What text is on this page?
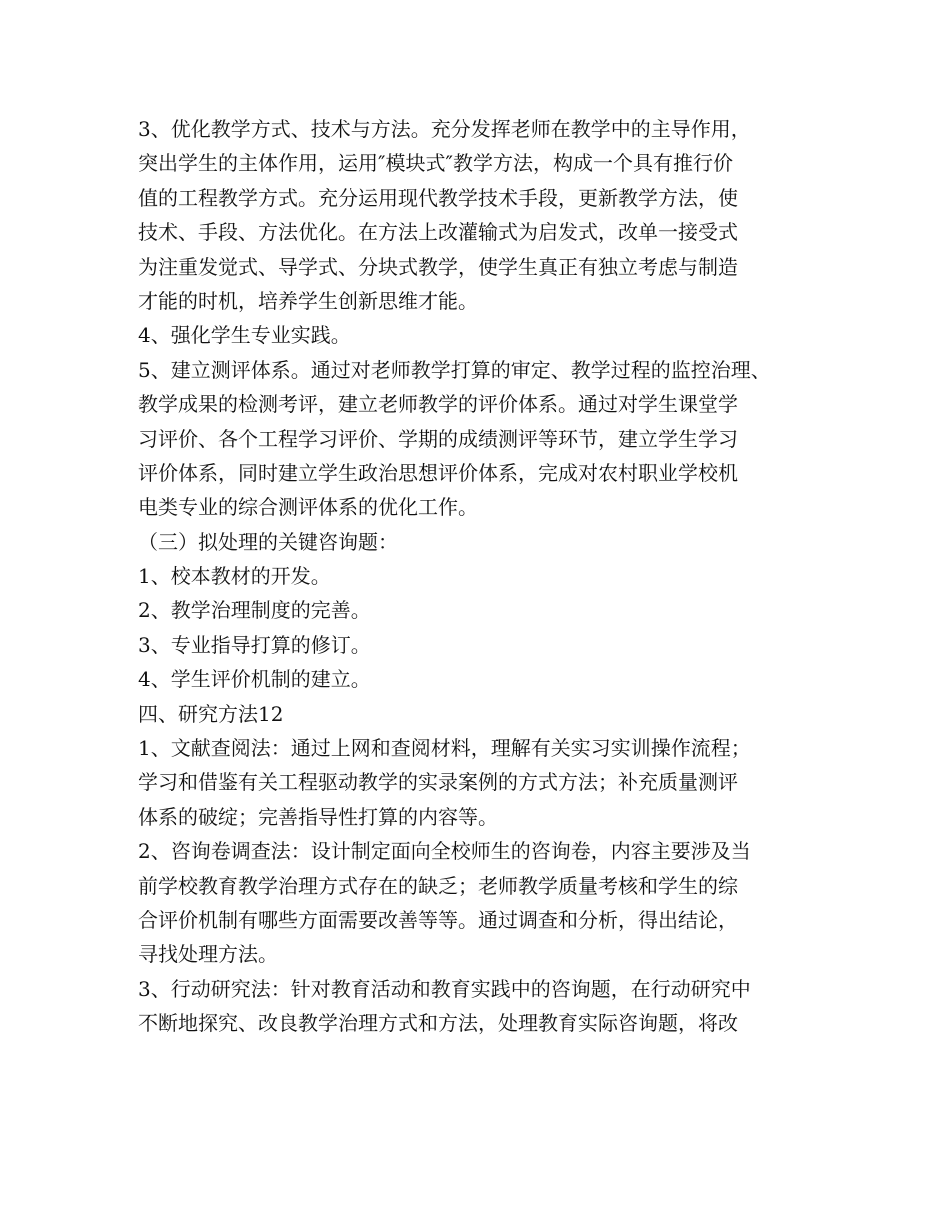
3、优化教学方式、技术与方法。充分发挥老师在教学中的主导作用，
突出学生的主体作用，运用″模块式″教学方法，构成一个具有推行价
值的工程教学方式。充分运用现代教学技术手段，更新教学方法，使
技术、手段、方法优化。在方法上改灌输式为启发式，改单一接受式
为注重发觉式、导学式、分块式教学，使学生真正有独立考虑与制造
才能的时机，培养学生创新思维才能。
4、强化学生专业实践。
5、建立测评体系。通过对老师教学打算的审定、教学过程的监控治理、
教学成果的检测考评，建立老师教学的评价体系。通过对学生课堂学
习评价、各个工程学习评价、学期的成绩测评等环节，建立学生学习
评价体系，同时建立学生政治思想评价体系，完成对农村职业学校机
电类专业的综合测评体系的优化工作。
（三）拟处理的关键咨询题：
1、校本教材的开发。
2、教学治理制度的完善。
3、专业指导打算的修订。
4、学生评价机制的建立。
四、研究方法12
1、文献查阅法：通过上网和查阅材料，理解有关实习实训操作流程；
学习和借鉴有关工程驱动教学的实录案例的方式方法；补充质量测评
体系的破绽；完善指导性打算的内容等。
2、咨询卷调查法：设计制定面向全校师生的咨询卷，内容主要涉及当
前学校教育教学治理方式存在的缺乏；老师教学质量考核和学生的综
合评价机制有哪些方面需要改善等等。通过调查和分析，得出结论，
寻找处理方法。
3、行动研究法：针对教育活动和教育实践中的咨询题，在行动研究中
不断地探究、改良教学治理方式和方法，处理教育实际咨询题，将改
